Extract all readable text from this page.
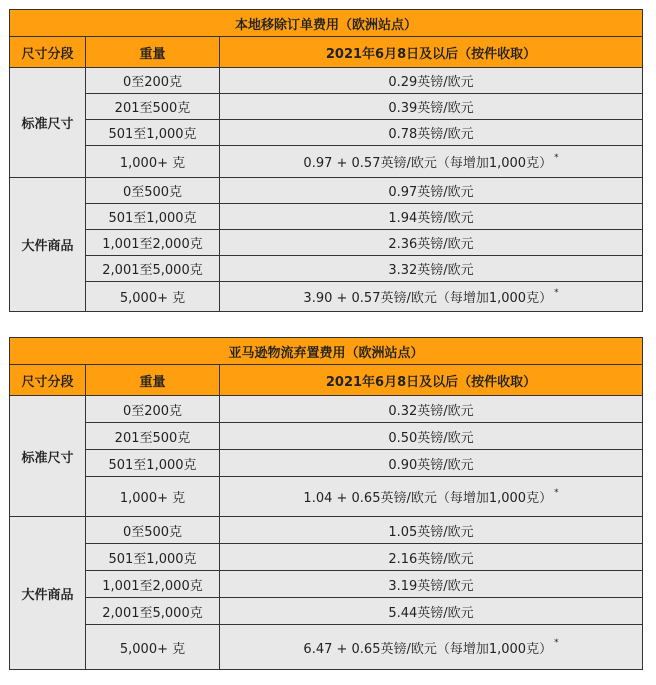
本地移除订单费用（欧洲站点）		
尺寸分段	重量	2021年6月8日及以后（按件收取）
标准尺寸	0至200克	0.29英镑/欧元
	201至500克	0.39英镑/欧元
	501至1,000克	0.78英镑/欧元
	1,000+ 克	0.97 + 0.57英镑/欧元（每增加1,000克） *
大件商品	0至500克	0.97英镑/欧元
	501至1,000克	1.94英镑/欧元
	1,001至2,000克	2.36英镑/欧元
	2,001至5,000克	3.32英镑/欧元
	5,000+ 克	3.90 + 0.57英镑/欧元（每增加1,000克） *
亚马逊物流弃置费用（欧洲站点）		
尺寸分段	重量	2021年6月8日及以后（按件收取）
标准尺寸	0至200克	0.32英镑/欧元
	201至500克	0.50英镑/欧元
	501至1,000克	0.90英镑/欧元
	1,000+ 克	1.04 + 0.65英镑/欧元（每增加1,000克） *
大件商品	0至500克	1.05英镑/欧元
	501至1,000克	2.16英镑/欧元
	1,001至2,000克	3.19英镑/欧元
	2,001至5,000克	5.44英镑/欧元
	5,000+ 克	6.47 + 0.65英镑/欧元（每增加1,000克） *
